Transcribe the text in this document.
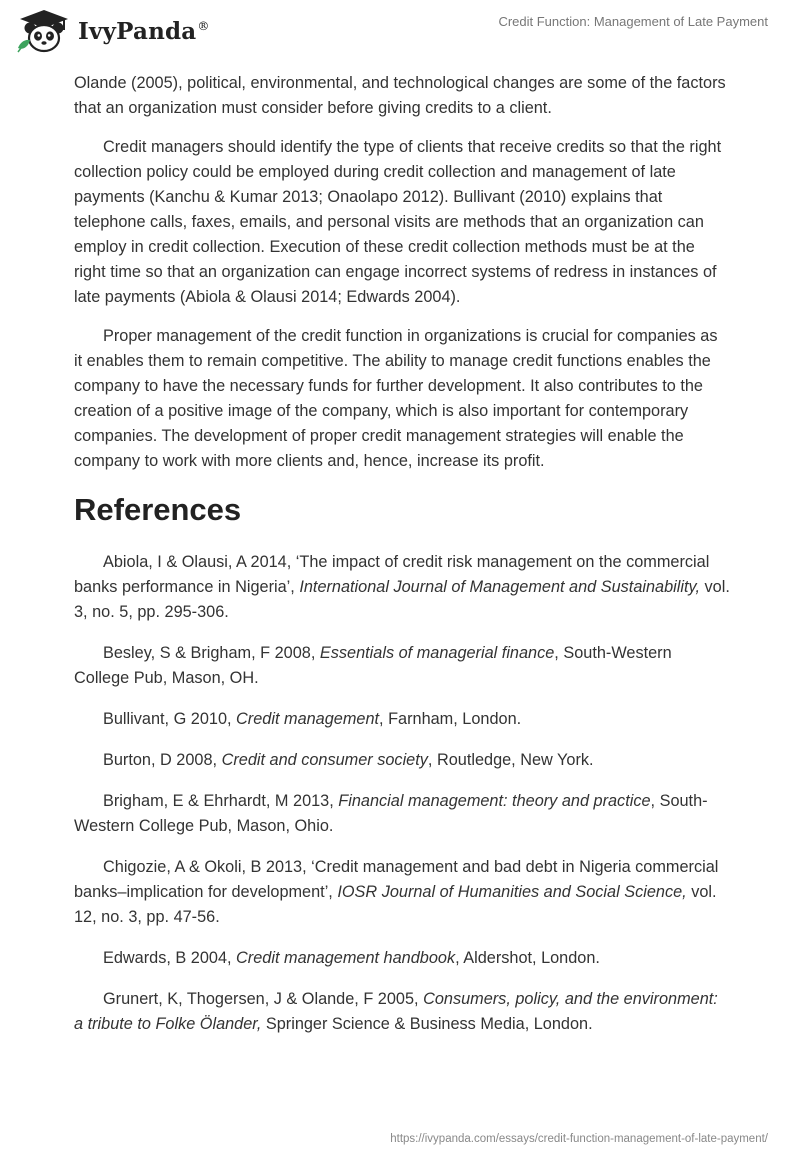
IvyPanda®	Credit Function: Management of Late Payment

Olande (2005), political, environmental, and technological changes are some of the factors that an organization must consider before giving credits to a client.

Credit managers should identify the type of clients that receive credits so that the right collection policy could be employed during credit collection and management of late payments (Kanchu & Kumar 2013; Onaolapo 2012). Bullivant (2010) explains that telephone calls, faxes, emails, and personal visits are methods that an organization can employ in credit collection. Execution of these credit collection methods must be at the right time so that an organization can engage incorrect systems of redress in instances of late payments (Abiola & Olausi 2014; Edwards 2004).

Proper management of the credit function in organizations is crucial for companies as it enables them to remain competitive. The ability to manage credit functions enables the company to have the necessary funds for further development. It also contributes to the creation of a positive image of the company, which is also important for contemporary companies. The development of proper credit management strategies will enable the company to work with more clients and, hence, increase its profit.

References

Abiola, I & Olausi, A 2014, ‘The impact of credit risk management on the commercial banks performance in Nigeria’, International Journal of Management and Sustainability, vol. 3, no. 5, pp. 295-306.

Besley, S & Brigham, F 2008, Essentials of managerial finance, South-Western College Pub, Mason, OH.

Bullivant, G 2010, Credit management, Farnham, London.

Burton, D 2008, Credit and consumer society, Routledge, New York.

Brigham, E & Ehrhardt, M 2013, Financial management: theory and practice, South-Western College Pub, Mason, Ohio.

Chigozie, A & Okoli, B 2013, ‘Credit management and bad debt in Nigeria commercial banks–implication for development’, IOSR Journal of Humanities and Social Science, vol. 12, no. 3, pp. 47-56.

Edwards, B 2004, Credit management handbook, Aldershot, London.

Grunert, K, Thogersen, J & Olande, F 2005, Consumers, policy, and the environment: a tribute to Folke Ölander, Springer Science & Business Media, London.

https://ivypanda.com/essays/credit-function-management-of-late-payment/
